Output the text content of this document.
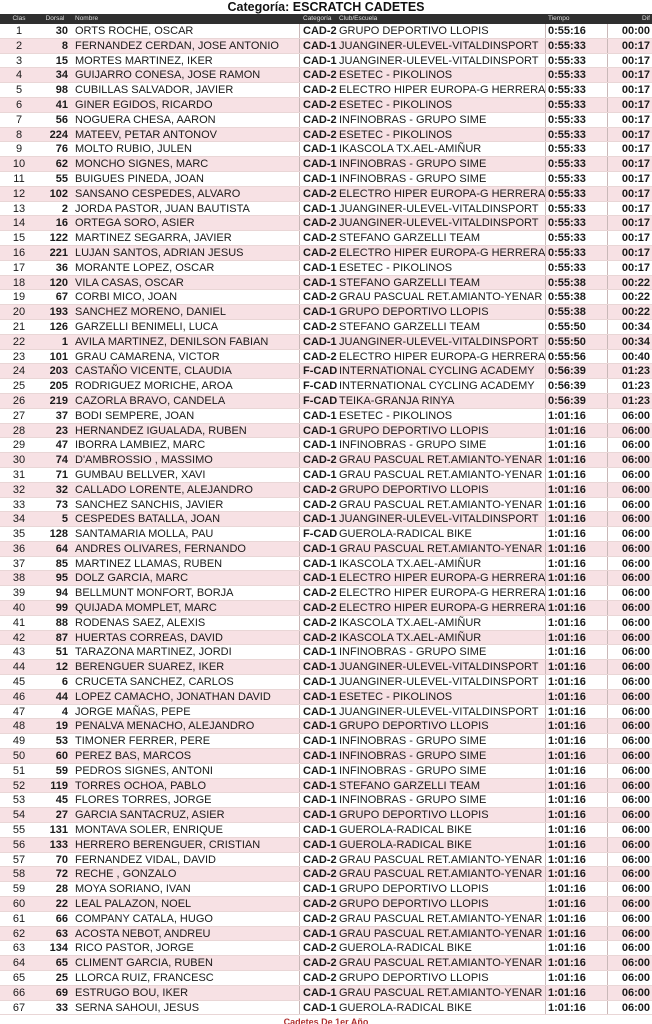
Categoría: ESCRATCH CADETES
Clas	Dorsal	Nombre	Categoría	Club/Escuela	Tiempo	Dif
1	30 ORTS ROCHE, OSCAR	CAD-2 GRUPO DEPORTIVO LLOPIS	0:55:16	00:00
2	8 FERNANDEZ CERDAN, JOSE ANTONIO	CAD-1 JUANGINER-ULEVEL-VITALDINSPORT 0:55:33	00:17
3	15 MORTES MARTINEZ, IKER	CAD-1 JUANGINER-ULEVEL-VITALDINSPORT 0:55:33	00:17
4	34 GUIJARRO CONESA, JOSE RAMON	CAD-2 ESETEC - PIKOLINOS	0:55:33	00:17
5	98 CUBILLAS SALVADOR, JAVIER	CAD-2 ELECTRO HIPER EUROPA-G HERRERA 0:55:33	00:17
6	41 GINER EGIDOS, RICARDO	CAD-2 ESETEC - PIKOLINOS	0:55:33	00:17
7	56 NOGUERA CHESA, AARON	CAD-2 INFINOBRAS - GRUPO SIME	0:55:33	00:17
8	224 MATEEV, PETAR ANTONOV	CAD-2 ESETEC - PIKOLINOS	0:55:33	00:17
9	76 MOLTO RUBIO, JULEN	CAD-1 IKASCOLA TX.AEL-AMIÑUR	0:55:33	00:17
10	62 MONCHO SIGNES, MARC	CAD-1 INFINOBRAS - GRUPO SIME	0:55:33	00:17
11	55 BUIGUES PINEDA, JOAN	CAD-1 INFINOBRAS - GRUPO SIME	0:55:33	00:17
12	102 SANSANO CESPEDES, ALVARO	CAD-2 ELECTRO HIPER EUROPA-G HERRERA 0:55:33	00:17
13	2 JORDA PASTOR, JUAN BAUTISTA	CAD-1 JUANGINER-ULEVEL-VITALDINSPORT 0:55:33	00:17
14	16 ORTEGA SORO, ASIER	CAD-2 JUANGINER-ULEVEL-VITALDINSPORT 0:55:33	00:17
15	122 MARTINEZ SEGARRA, JAVIER	CAD-2 STEFANO GARZELLI TEAM	0:55:33	00:17
16	221 LUJAN SANTOS, ADRIAN JESUS	CAD-2 ELECTRO HIPER EUROPA-G HERRERA 0:55:33	00:17
17	36 MORANTE LOPEZ, OSCAR	CAD-1 ESETEC - PIKOLINOS	0:55:33	00:17
18	120 VILA CASAS, OSCAR	CAD-1 STEFANO GARZELLI TEAM	0:55:38	00:22
19	67 CORBI MICO, JOAN	CAD-2 GRAU PASCUAL RET.AMIANTO-YENAR 0:55:38	00:22
20	193 SANCHEZ MORENO, DANIEL	CAD-1 GRUPO DEPORTIVO LLOPIS	0:55:38	00:22
21	126 GARZELLI BENIMELI, LUCA	CAD-2 STEFANO GARZELLI TEAM	0:55:50	00:34
22	1 AVILA MARTINEZ, DENILSON FABIAN	CAD-1 JUANGINER-ULEVEL-VITALDINSPORT 0:55:50	00:34
23	101 GRAU CAMARENA, VICTOR	CAD-2 ELECTRO HIPER EUROPA-G HERRERA 0:55:56	00:40
24	203 CASTAÑO VICENTE, CLAUDIA	F-CAD INTERNATIONAL CYCLING ACADEMY	0:56:39	01:23
25	205 RODRIGUEZ MORICHE, AROA	F-CAD INTERNATIONAL CYCLING ACADEMY	0:56:39	01:23
26	219 CAZORLA BRAVO, CANDELA	F-CAD TEIKA-GRANJA RINYA	0:56:39	01:23
27	37 BODI SEMPERE, JOAN	CAD-1 ESETEC - PIKOLINOS	1:01:16	06:00
28	23 HERNANDEZ IGUALADA, RUBEN	CAD-1 GRUPO DEPORTIVO LLOPIS	1:01:16	06:00
29	47 IBORRA LAMBIEZ, MARC	CAD-1 INFINOBRAS - GRUPO SIME	1:01:16	06:00
30	74 D'AMBROSSIO , MASSIMO	CAD-2 GRAU PASCUAL RET.AMIANTO-YENAR 1:01:16	06:00
31	71 GUMBAU BELLVER, XAVI	CAD-1 GRAU PASCUAL RET.AMIANTO-YENAR 1:01:16	06:00
32	32 CALLADO LORENTE, ALEJANDRO	CAD-2 GRUPO DEPORTIVO LLOPIS	1:01:16	06:00
33	73 SANCHEZ SANCHIS, JAVIER	CAD-2 GRAU PASCUAL RET.AMIANTO-YENAR 1:01:16	06:00
34	5 CESPEDES BATALLA, JOAN	CAD-1 JUANGINER-ULEVEL-VITALDINSPORT 1:01:16	06:00
35	128 SANTAMARIA MOLLA, PAU	F-CAD GUEROLA-RADICAL BIKE	1:01:16	06:00
36	64 ANDRES OLIVARES, FERNANDO	CAD-1 GRAU PASCUAL RET.AMIANTO-YENAR 1:01:16	06:00
37	85 MARTINEZ LLAMAS, RUBEN	CAD-1 IKASCOLA TX.AEL-AMIÑUR	1:01:16	06:00
38	95 DOLZ GARCIA, MARC	CAD-1 ELECTRO HIPER EUROPA-G HERRERA 1:01:16	06:00
39	94 BELLMUNT MONFORT, BORJA	CAD-2 ELECTRO HIPER EUROPA-G HERRERA 1:01:16	06:00
40	99 QUIJADA MOMPLET, MARC	CAD-2 ELECTRO HIPER EUROPA-G HERRERA 1:01:16	06:00
41	88 RODENAS SAEZ, ALEXIS	CAD-2 IKASCOLA TX.AEL-AMIÑUR	1:01:16	06:00
42	87 HUERTAS CORREAS, DAVID	CAD-2 IKASCOLA TX.AEL-AMIÑUR	1:01:16	06:00
43	51 TARAZONA MARTINEZ, JORDI	CAD-1 INFINOBRAS - GRUPO SIME	1:01:16	06:00
44	12 BERENGUER SUAREZ, IKER	CAD-1 JUANGINER-ULEVEL-VITALDINSPORT 1:01:16	06:00
45	6 CRUCETA SANCHEZ, CARLOS	CAD-1 JUANGINER-ULEVEL-VITALDINSPORT 1:01:16	06:00
46	44 LOPEZ CAMACHO, JONATHAN DAVID	CAD-1 ESETEC - PIKOLINOS	1:01:16	06:00
47	4 JORGE MAÑAS, PEPE	CAD-1 JUANGINER-ULEVEL-VITALDINSPORT 1:01:16	06:00
48	19 PENALVA MENACHO, ALEJANDRO	CAD-1 GRUPO DEPORTIVO LLOPIS	1:01:16	06:00
49	53 TIMONER FERRER, PERE	CAD-1 INFINOBRAS - GRUPO SIME	1:01:16	06:00
50	60 PEREZ BAS, MARCOS	CAD-1 INFINOBRAS - GRUPO SIME	1:01:16	06:00
51	59 PEDROS SIGNES, ANTONI	CAD-1 INFINOBRAS - GRUPO SIME	1:01:16	06:00
52	119 TORRES OCHOA, PABLO	CAD-1 STEFANO GARZELLI TEAM	1:01:16	06:00
53	45 FLORES TORRES, JORGE	CAD-1 INFINOBRAS - GRUPO SIME	1:01:16	06:00
54	27 GARCIA SANTACRUZ, ASIER	CAD-1 GRUPO DEPORTIVO LLOPIS	1:01:16	06:00
55	131 MONTAVA SOLER, ENRIQUE	CAD-1 GUEROLA-RADICAL BIKE	1:01:16	06:00
56	133 HERRERO BERENGUER, CRISTIAN	CAD-1 GUEROLA-RADICAL BIKE	1:01:16	06:00
57	70 FERNANDEZ VIDAL, DAVID	CAD-2 GRAU PASCUAL RET.AMIANTO-YENAR 1:01:16	06:00
58	72 RECHE , GONZALO	CAD-2 GRAU PASCUAL RET.AMIANTO-YENAR 1:01:16	06:00
59	28 MOYA SORIANO, IVAN	CAD-1 GRUPO DEPORTIVO LLOPIS	1:01:16	06:00
60	22 LEAL PALAZON, NOEL	CAD-2 GRUPO DEPORTIVO LLOPIS	1:01:16	06:00
61	66 COMPANY CATALA, HUGO	CAD-2 GRAU PASCUAL RET.AMIANTO-YENAR 1:01:16	06:00
62	63 ACOSTA NEBOT, ANDREU	CAD-1 GRAU PASCUAL RET.AMIANTO-YENAR 1:01:16	06:00
63	134 RICO PASTOR, JORGE	CAD-2 GUEROLA-RADICAL BIKE	1:01:16	06:00
64	65 CLIMENT GARCIA, RUBEN	CAD-2 GRAU PASCUAL RET.AMIANTO-YENAR 1:01:16	06:00
65	25 LLORCA RUIZ, FRANCESC	CAD-2 GRUPO DEPORTIVO LLOPIS	1:01:16	06:00
66	69 ESTRUGO BOU, IKER	CAD-1 GRAU PASCUAL RET.AMIANTO-YENAR 1:01:16	06:00
67	33 SERNA SAHOUI, JESUS	CAD-1 GUEROLA-RADICAL BIKE	1:01:16	06:00
Cadetes De 1er Año
